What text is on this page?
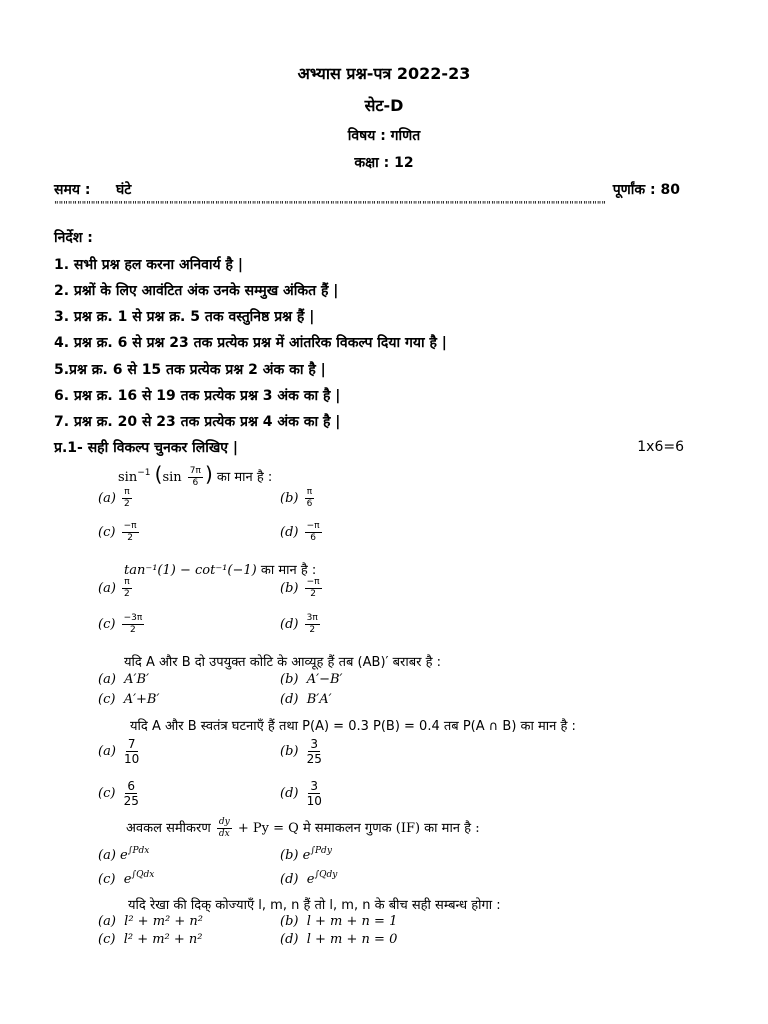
अभ्यास प्रश्न-पत्र 2022-23
सेट-D
विषय : गणित
कक्षा : 12
समय : घंटे	पूर्णांक : 80
""""""""""""""""""""""""""""""""""""""""""""""""""""""""""""""""""""""""""""""""""""""""""""""""""""""""""""""""""""""""
निर्देश :
1. सभी प्रश्न हल करना अनिवार्य है |
2. प्रश्नों के लिए आवंटित अंक उनके सम्मुख अंकित हैं |
3. प्रश्न क्र. 1 से प्रश्न क्र. 5 तक वस्तुनिष्ठ प्रश्न हैं |
4. प्रश्न क्र. 6 से प्रश्न 23 तक प्रत्येक प्रश्न में आंतरिक विकल्प दिया गया है |
5.प्रश्न क्र. 6 से 15 तक प्रत्येक प्रश्न 2 अंक का है |
6. प्रश्न क्र. 16 से 19 तक प्रत्येक प्रश्न 3 अंक का है |
7. प्रश्न क्र. 20 से 23 तक प्रत्येक प्रश्न 4 अंक का है |
प्र.1- सही विकल्प चुनकर लिखिए |	1x6=6
$\sin^{-1} (\sin \frac{7\pi}{6}$ ) का मान है :
$(a) \frac{\pi}{2}$	$(b) \frac{\pi}{6}$
$(c) \frac{-\pi}{2}$	$(d) \frac{-\pi}{6}$
tan⁻¹(1) − cot⁻¹(−1) का मान है :
$(a) \frac{\pi}{2}$	$(b) \frac{-\pi}{2}$
$(c) \frac{-3\pi}{2}$	$(d) \frac{3\pi}{2}$
यदि A और B दो उपयुक्त कोटि के आव्यूह हैं तब (AB)′ बराबर है :
(a) A′B′	(b) A′−B′
(c) A′+B′	(d) B′A′
यदि A और B स्वतंत्र घटनाएँ हैं तथा P(A) = 0.3 P(B) = 0.4 तब P(A ∩ B) का मान है :
$(a) \frac{7}{10}$	$(b) \frac{3}{25}$
$(c) \frac{6}{25}$	$(d) \frac{3}{10}$
अवकल समीकरण $\frac{dy}{dx} + Py = Q$ मे समाकलन गुणक (IF) का मान है :
(a) $e^{\int Pdx}$	(b) $e^{\int Pdy}$
(c) $e^{\int Qdx}$	(d) $e^{\int Qdy}$
यदि रेखा की दिक् कोज्याएँ l, m, n हैं तो l, m, n के बीच सही सम्बन्ध होगा :
(a) l² + m² + n²	(b) l + m + n = 1
(c) l² + m² + n²	(d) l + m + n = 0
